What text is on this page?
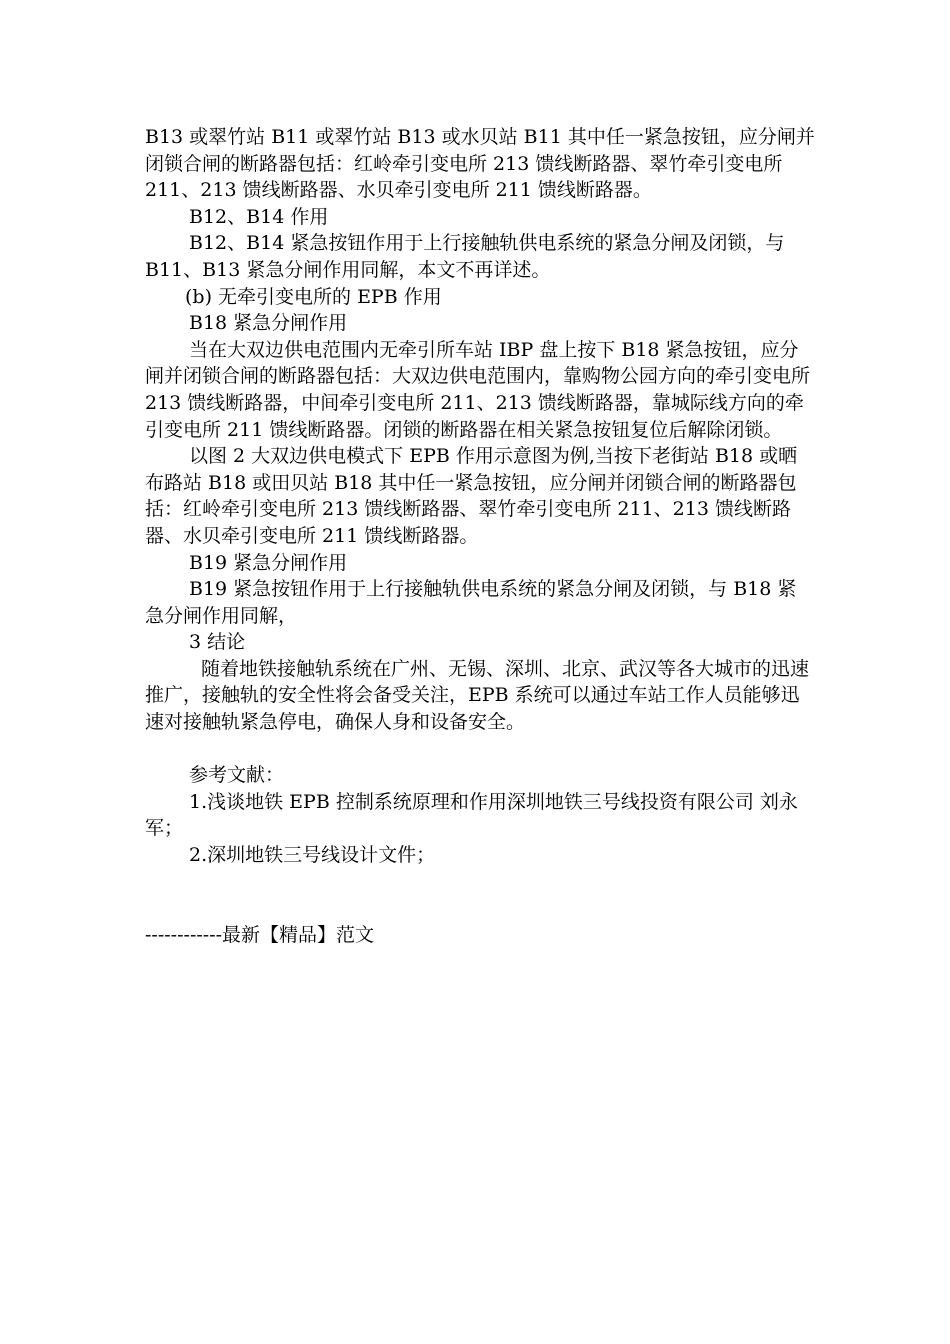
B13 或翠竹站 B11 或翠竹站 B13 或水贝站 B11 其中任一紧急按钮，应分闸并闭锁合闸的断路器包括：红岭牵引变电所 213 馈线断路器、翠竹牵引变电所 211、213 馈线断路器、水贝牵引变电所 211 馈线断路器。

B12、B14 作用

B12、B14 紧急按钮作用于上行接触轨供电系统的紧急分闸及闭锁，与 B11、B13 紧急分闸作用同解，本文不再详述。

(b) 无牵引变电所的 EPB 作用

B18 紧急分闸作用

当在大双边供电范围内无牵引所车站 IBP 盘上按下 B18 紧急按钮，应分闸并闭锁合闸的断路器包括：大双边供电范围内，靠购物公园方向的牵引变电所 213 馈线断路器，中间牵引变电所 211、213 馈线断路器，靠城际线方向的牵引变电所 211 馈线断路器。闭锁的断路器在相关紧急按钮复位后解除闭锁。

以图 2 大双边供电模式下 EPB 作用示意图为例,当按下老街站 B18 或晒布路站 B18 或田贝站 B18 其中任一紧急按钮，应分闸并闭锁合闸的断路器包括：红岭牵引变电所 213 馈线断路器、翠竹牵引变电所 211、213 馈线断路器、水贝牵引变电所 211 馈线断路器。

B19 紧急分闸作用

B19 紧急按钮作用于上行接触轨供电系统的紧急分闸及闭锁，与 B18 紧急分闸作用同解，

3 结论

随着地铁接触轨系统在广州、无锡、深圳、北京、武汉等各大城市的迅速推广，接触轨的安全性将会备受关注，EPB 系统可以通过车站工作人员能够迅速对接触轨紧急停电，确保人身和设备安全。

参考文献：

1.浅谈地铁 EPB 控制系统原理和作用深圳地铁三号线投资有限公司 刘永军；

2.深圳地铁三号线设计文件；

------------最新【精品】范文
